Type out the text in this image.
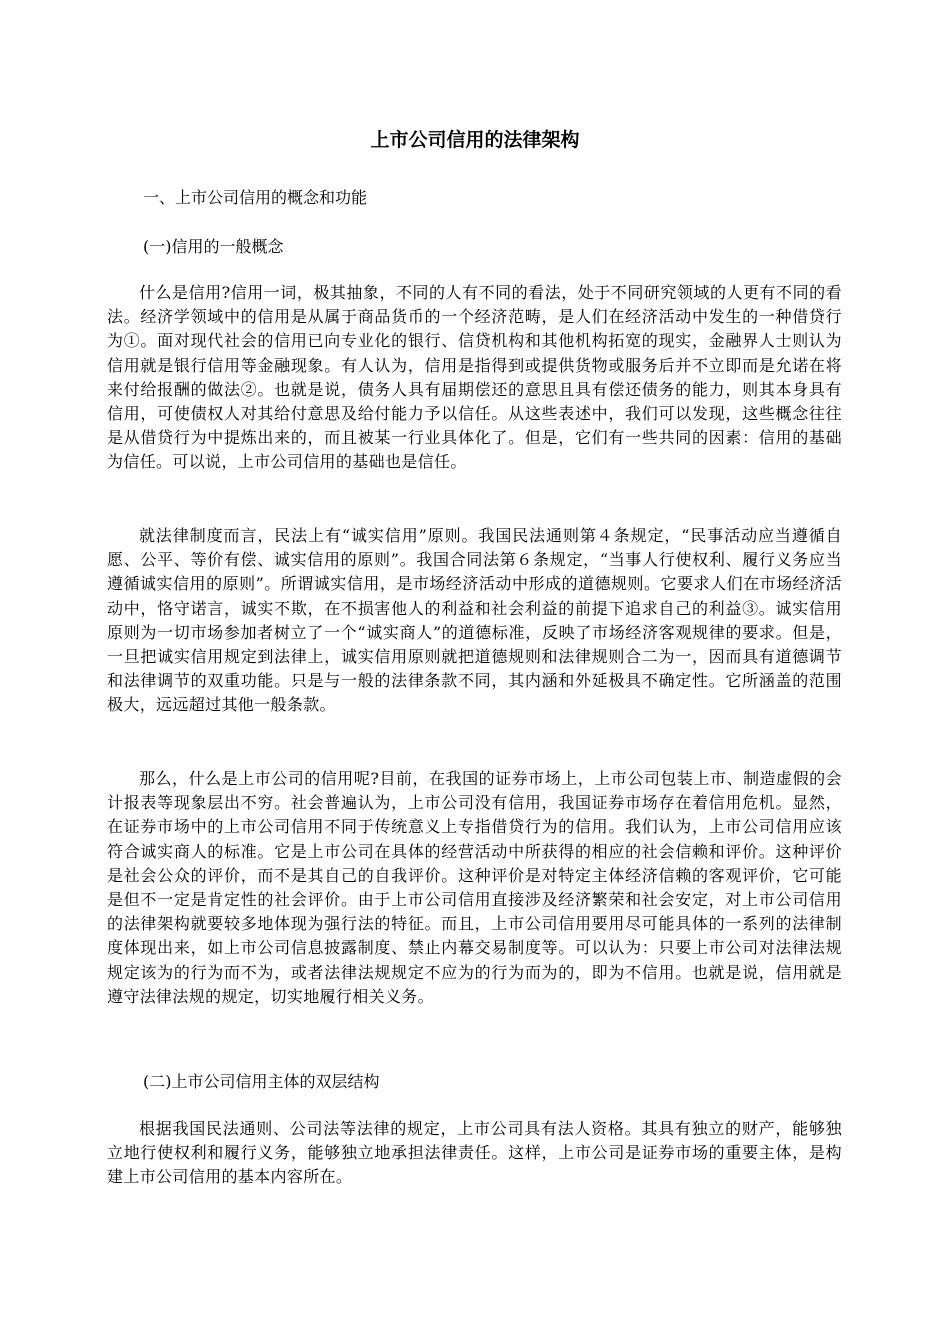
上市公司信用的法律架构

一、上市公司信用的概念和功能

(一)信用的一般概念

什么是信用?信用一词，极其抽象，不同的人有不同的看法，处于不同研究领域的人更有不同的看法。经济学领域中的信用是从属于商品货币的一个经济范畴，是人们在经济活动中发生的一种借贷行为①。面对现代社会的信用已向专业化的银行、信贷机构和其他机构拓宽的现实，金融界人士则认为信用就是银行信用等金融现象。有人认为，信用是指得到或提供货物或服务后并不立即而是允诺在将来付给报酬的做法②。也就是说，债务人具有届期偿还的意思且具有偿还债务的能力，则其本身具有信用，可使债权人对其给付意思及给付能力予以信任。从这些表述中，我们可以发现，这些概念往往是从借贷行为中提炼出来的，而且被某一行业具体化了。但是，它们有一些共同的因素：信用的基础为信任。可以说，上市公司信用的基础也是信任。

就法律制度而言，民法上有“诚实信用”原则。我国民法通则第４条规定，“民事活动应当遵循自愿、公平、等价有偿、诚实信用的原则”。我国合同法第６条规定，“当事人行使权利、履行义务应当遵循诚实信用的原则”。所谓诚实信用，是市场经济活动中形成的道德规则。它要求人们在市场经济活动中，恪守诺言，诚实不欺，在不损害他人的利益和社会利益的前提下追求自己的利益③。诚实信用原则为一切市场参加者树立了一个“诚实商人”的道德标准，反映了市场经济客观规律的要求。但是，一旦把诚实信用规定到法律上，诚实信用原则就把道德规则和法律规则合二为一，因而具有道德调节和法律调节的双重功能。只是与一般的法律条款不同，其内涵和外延极具不确定性。它所涵盖的范围极大，远远超过其他一般条款。

那么，什么是上市公司的信用呢?目前，在我国的证券市场上，上市公司包装上市、制造虚假的会计报表等现象层出不穷。社会普遍认为，上市公司没有信用，我国证券市场存在着信用危机。显然，在证券市场中的上市公司信用不同于传统意义上专指借贷行为的信用。我们认为，上市公司信用应该符合诚实商人的标准。它是上市公司在具体的经营活动中所获得的相应的社会信赖和评价。这种评价是社会公众的评价，而不是其自己的自我评价。这种评价是对特定主体经济信赖的客观评价，它可能是但不一定是肯定性的社会评价。由于上市公司信用直接涉及经济繁荣和社会安定，对上市公司信用的法律架构就要较多地体现为强行法的特征。而且，上市公司信用要用尽可能具体的一系列的法律制度体现出来，如上市公司信息披露制度、禁止内幕交易制度等。可以认为：只要上市公司对法律法规规定该为的行为而不为，或者法律法规规定不应为的行为而为的，即为不信用。也就是说，信用就是遵守法律法规的规定，切实地履行相关义务。

(二)上市公司信用主体的双层结构

根据我国民法通则、公司法等法律的规定，上市公司具有法人资格。其具有独立的财产，能够独立地行使权利和履行义务，能够独立地承担法律责任。这样，上市公司是证券市场的重要主体，是构建上市公司信用的基本内容所在。
